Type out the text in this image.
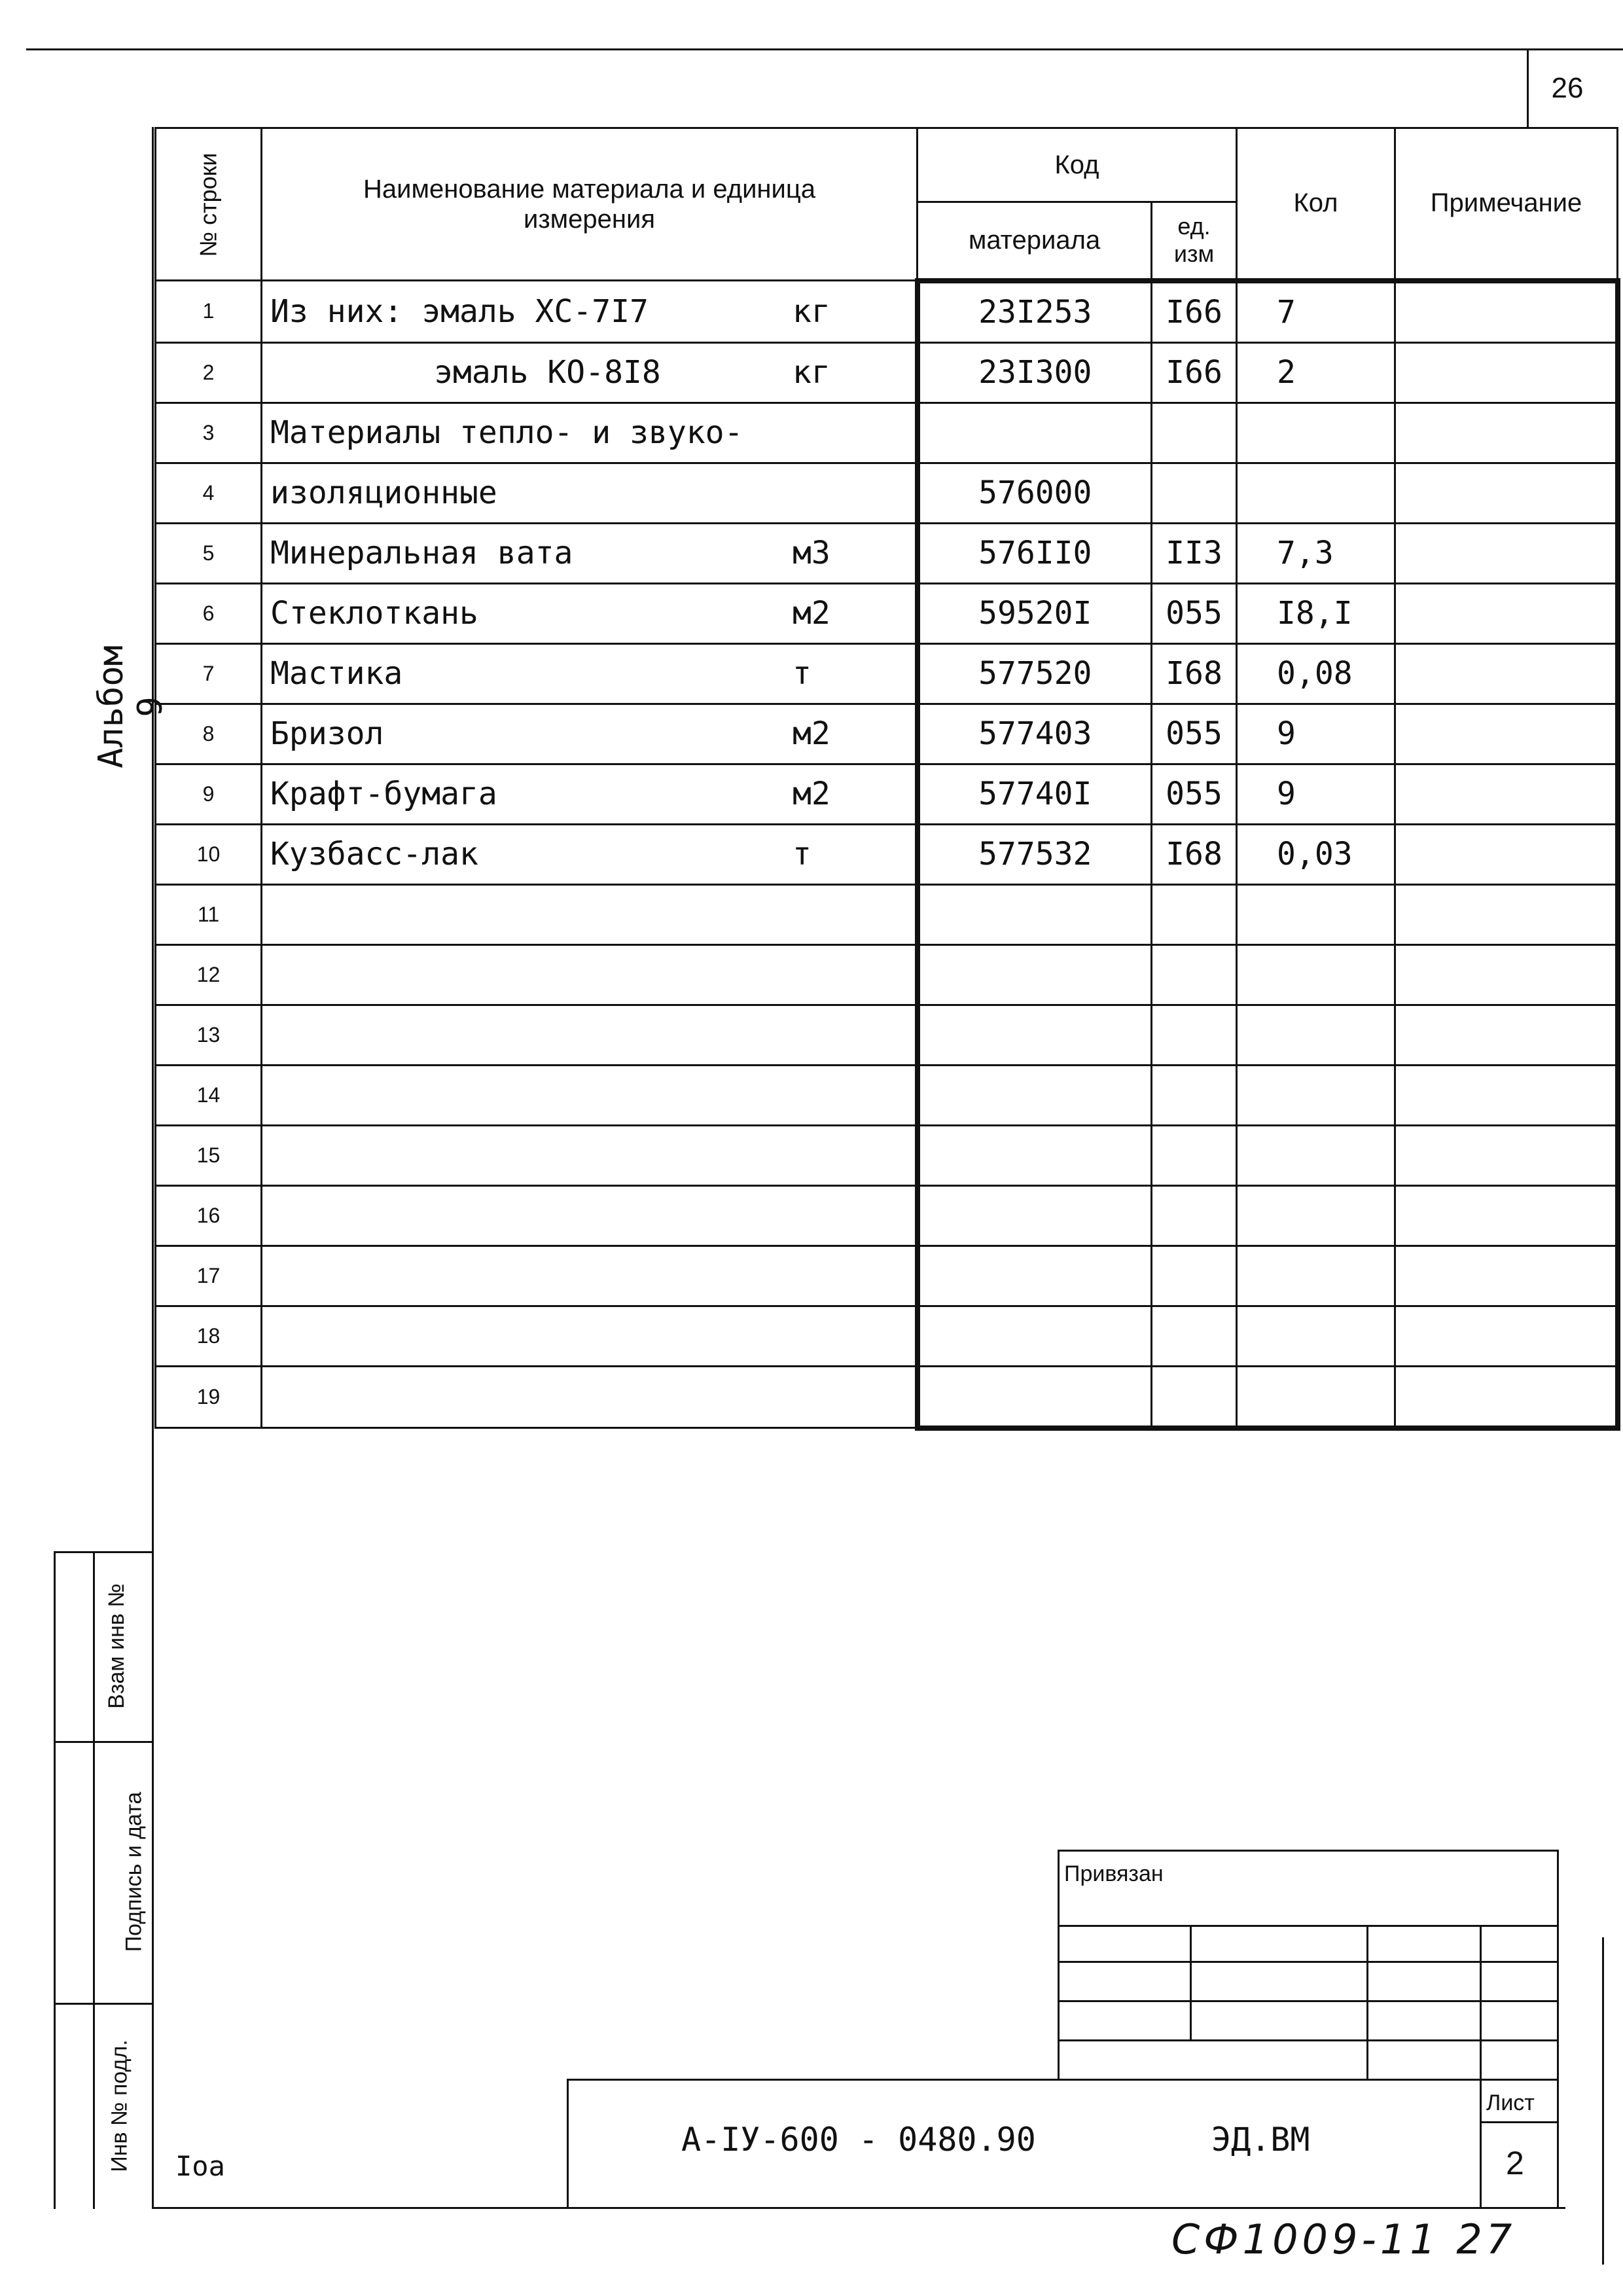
26
Альбом 9
№ строки	Наименование материала и единица измерения	Код		Кол	Примечание
		материала	ед. изм		
1	Из них: эмаль ХС-7I7 кг	23I253	I66	7	
2	эмаль КО-8I8 кг	23I300	I66	2	
3	Материалы тепло- и звуко-				

4	изоляционные	576000			
5	Минеральная вата м3	576II0	II3	7,3	
6	Стеклоткань м2	59520I	055	I8,I	
7	Мастика т	577520	I68	0,08	
8	Бризол м2	577403	055	9	
9	Крафт-бумага м2	57740I	055	9	
10	Кузбасс-лак т	577532	I68	0,03	
11	

12	

13	

14	

15	

16	

17	

18	

19	

Взам инв №
Подпись и дата
Инв № подл.
Привязан
А-IУ-600 - 0480.90	ЭД.ВМ
Лист
2
Ioa
СФ1009-11 27
